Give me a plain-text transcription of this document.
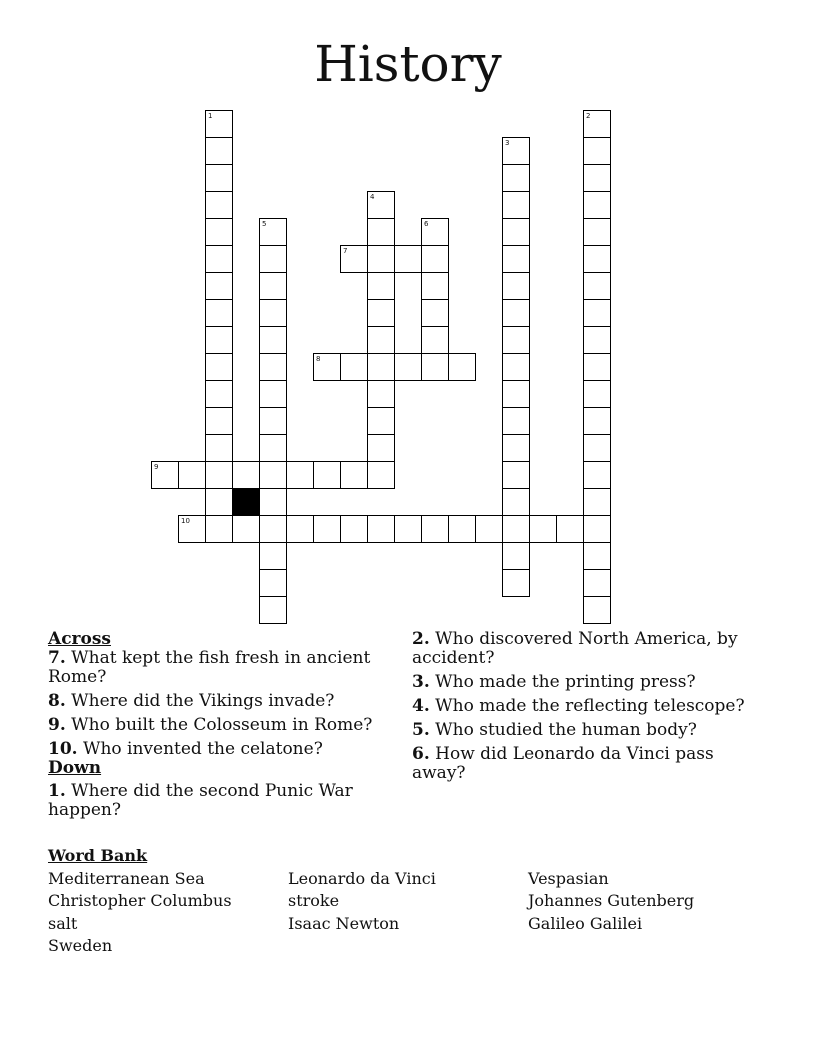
History
1	2
3
4
5	6
7
8
9
10
Across
7. What kept the fish fresh in ancient Rome?
8. Where did the Vikings invade?
9. Who built the Colosseum in Rome?
10. Who invented the celatone?
Down
1. Where did the second Punic War happen?
2. Who discovered North America, by accident?
3. Who made the printing press?
4. Who made the reflecting telescope?
5. Who studied the human body?
6. How did Leonardo da Vinci pass away?
Word Bank
Mediterranean Sea	Leonardo da Vinci	Vespasian
Christopher Columbus	stroke	Johannes Gutenberg
salt	Isaac Newton	Galileo Galilei
Sweden
